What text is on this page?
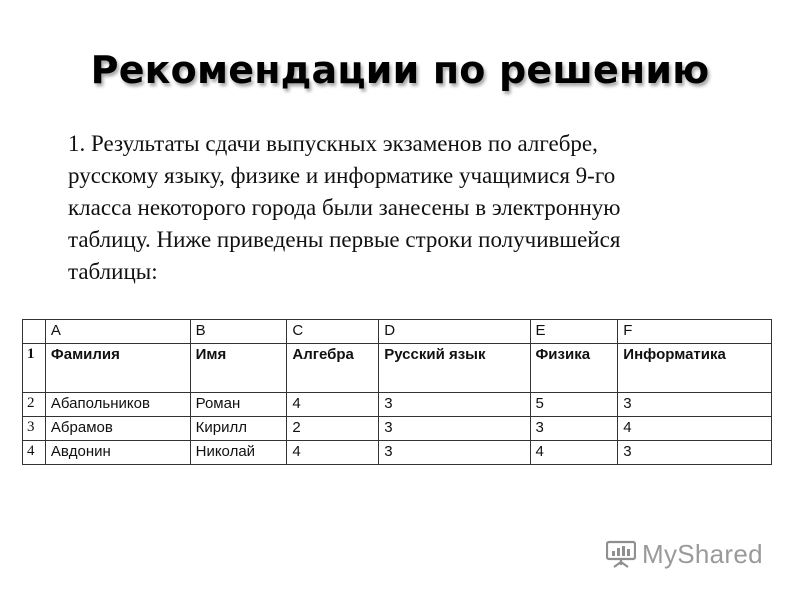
Рекомендации по решению
1. Результаты сдачи выпускных экзаменов по алгебре,
русскому языку, физике и информатике учащимися 9-го
класса некоторого города были занесены в электронную
таблицу. Ниже приведены первые строки получившейся
таблицы:
	A	B	C	D	E	F
1	Фамилия	Имя	Алгебра	Русский язык	Физика	Информатика
2	Абапольников	Роман	4	3	5	3
3	Абрамов	Кирилл	2	3	3	4
4	Авдонин	Николай	4	3	4	3
MyShared
